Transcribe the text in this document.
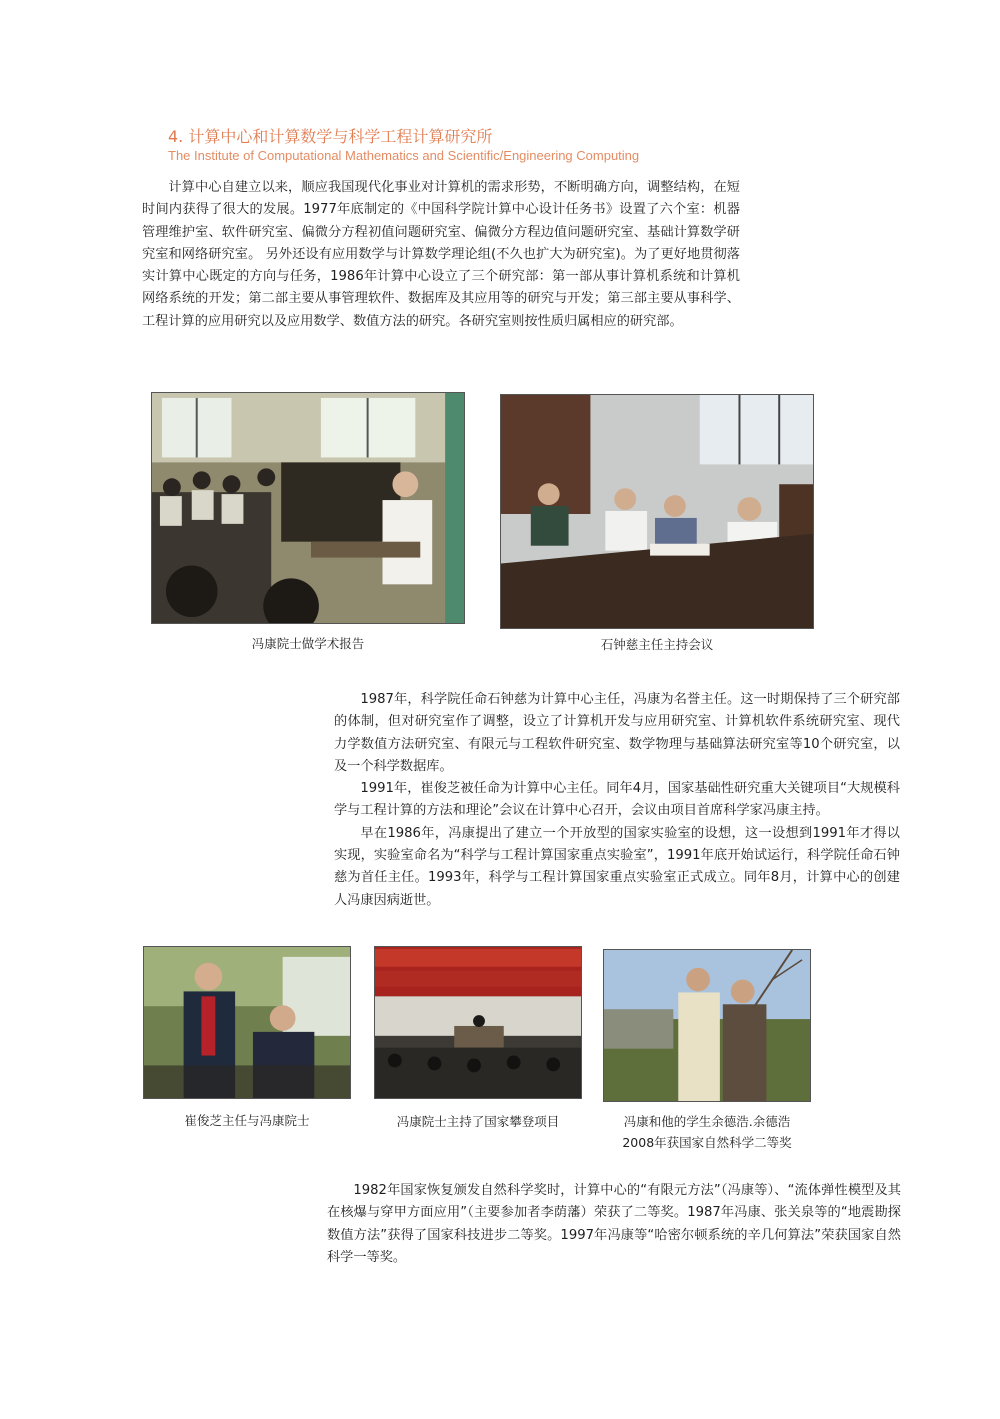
4. 计算中心和计算数学与科学工程计算研究所
The Institute of Computational Mathematics and Scientific/Engineering Computing

计算中心自建立以来，顺应我国现代化事业对计算机的需求形势，不断明确方向，调整结构，在短时间内获得了很大的发展。1977年底制定的《中国科学院计算中心设计任务书》设置了六个室：机器管理维护室、软件研究室、偏微分方程初值问题研究室、偏微分方程边值问题研究室、基础计算数学研究室和网络研究室。 另外还设有应用数学与计算数学理论组(不久也扩大为研究室)。为了更好地贯彻落实计算中心既定的方向与任务，1986年计算中心设立了三个研究部：第一部从事计算机系统和计算机网络系统的开发；第二部主要从事管理软件、数据库及其应用等的研究与开发；第三部主要从事科学、工程计算的应用研究以及应用数学、数值方法的研究。各研究室则按性质归属相应的研究部。

冯康院士做学术报告	石钟慈主任主持会议

1987年，科学院任命石钟慈为计算中心主任，冯康为名誉主任。这一时期保持了三个研究部的体制，但对研究室作了调整，设立了计算机开发与应用研究室、计算机软件系统研究室、现代力学数值方法研究室、有限元与工程软件研究室、数学物理与基础算法研究室等10个研究室，以及一个科学数据库。

1991年，崔俊芝被任命为计算中心主任。同年4月，国家基础性研究重大关键项目“大规模科学与工程计算的方法和理论”会议在计算中心召开，会议由项目首席科学家冯康主持。

早在1986年，冯康提出了建立一个开放型的国家实验室的设想，这一设想到1991年才得以实现，实验室命名为“科学与工程计算国家重点实验室”，1991年底开始试运行，科学院任命石钟慈为首任主任。1993年，科学与工程计算国家重点实验室正式成立。同年8月，计算中心的创建人冯康因病逝世。

崔俊芝主任与冯康院士	冯康院士主持了国家攀登项目	冯康和他的学生余德浩.余德浩
2008年获国家自然科学二等奖

1982年国家恢复颁发自然科学奖时，计算中心的“有限元方法”（冯康等）、“流体弹性模型及其在核爆与穿甲方面应用”（主要参加者李荫藩）荣获了二等奖。1987年冯康、张关泉等的“地震勘探数值方法”获得了国家科技进步二等奖。1997年冯康等“哈密尔顿系统的辛几何算法”荣获国家自然科学一等奖。
